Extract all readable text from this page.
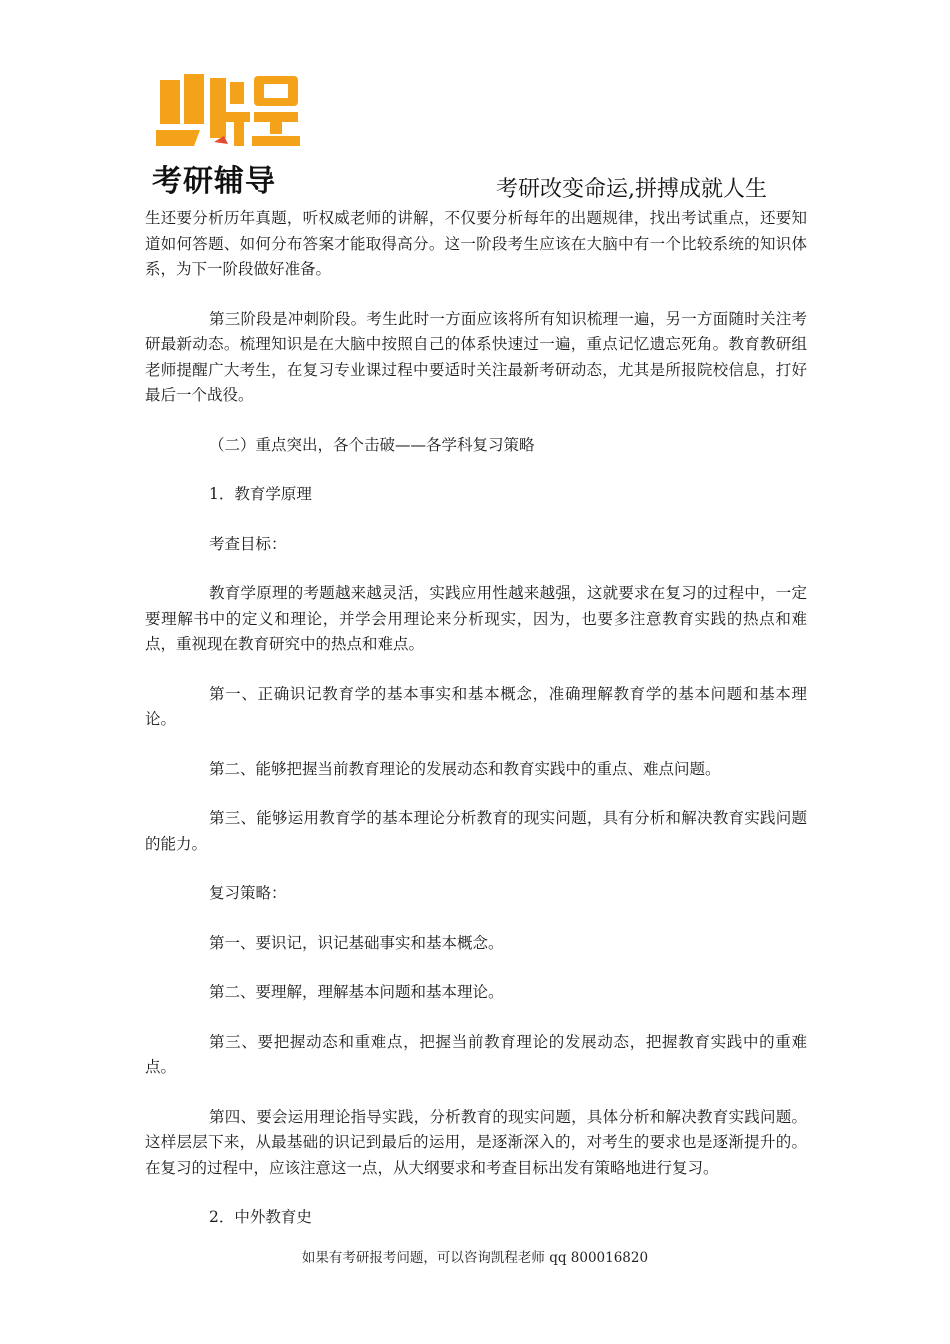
考研辅导	考研改变命运,拼搏成就人生

生还要分析历年真题，听权威老师的讲解，不仅要分析每年的出题规律，找出考试重点，还要知道如何答题、如何分布答案才能取得高分。这一阶段考生应该在大脑中有一个比较系统的知识体系，为下一阶段做好准备。

第三阶段是冲刺阶段。考生此时一方面应该将所有知识梳理一遍，另一方面随时关注考研最新动态。梳理知识是在大脑中按照自己的体系快速过一遍，重点记忆遗忘死角。教育教研组老师提醒广大考生，在复习专业课过程中要适时关注最新考研动态，尤其是所报院校信息，打好最后一个战役。

（二）重点突出，各个击破——各学科复习策略

1．教育学原理

考查目标：

教育学原理的考题越来越灵活，实践应用性越来越强，这就要求在复习的过程中，一定要理解书中的定义和理论，并学会用理论来分析现实，因为，也要多注意教育实践的热点和难点，重视现在教育研究中的热点和难点。

第一、正确识记教育学的基本事实和基本概念，准确理解教育学的基本问题和基本理论。

第二、能够把握当前教育理论的发展动态和教育实践中的重点、难点问题。

第三、能够运用教育学的基本理论分析教育的现实问题，具有分析和解决教育实践问题的能力。

复习策略：

第一、要识记，识记基础事实和基本概念。

第二、要理解，理解基本问题和基本理论。

第三、要把握动态和重难点，把握当前教育理论的发展动态，把握教育实践中的重难点。

第四、要会运用理论指导实践，分析教育的现实问题，具体分析和解决教育实践问题。这样层层下来，从最基础的识记到最后的运用，是逐渐深入的，对考生的要求也是逐渐提升的。在复习的过程中，应该注意这一点，从大纲要求和考查目标出发有策略地进行复习。

2．中外教育史

如果有考研报考问题，可以咨询凯程老师 qq 800016820
